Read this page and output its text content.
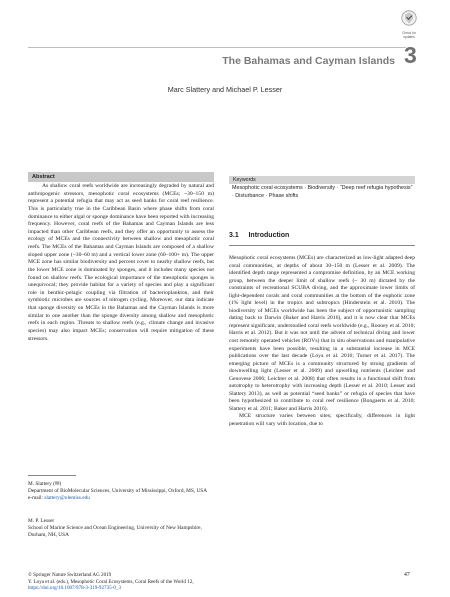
Check for
updates
The Bahamas and Cayman Islands 3
Marc Slattery and Michael P. Lesser
Abstract
As shallow coral reefs worldwide are increasingly degraded by natural and anthropogenic stressors, mesophotic coral ecosystems (MCEs; ~30–150 m) represent a potential refugia that may act as seed banks for coral reef resilience. This is particularly true in the Caribbean Basin where phase shifts from coral dominance to either algal or sponge dominance have been reported with increasing frequency. However, coral reefs of the Bahamas and Cayman Islands are less impacted than other Caribbean reefs, and they offer an opportunity to assess the ecology of MCEs and the connectivity between shallow and mesophotic coral reefs. The MCEs of the Bahamas and Cayman Islands are composed of a shallow sloped upper zone (~30–60 m) and a vertical lower zone (60–100+ m). The upper MCE zone has similar biodiversity and percent cover to nearby shallow reefs, but the lower MCE zone is dominated by sponges, and it includes many species not found on shallow reefs. The ecological importance of the mesophotic sponges is unequivocal; they provide habitat for a variety of species and play a significant role in benthic-pelagic coupling via filtration of bacterioplankton, and their symbiotic microbes are sources of nitrogen cycling. Moreover, our data indicate that sponge diversity on MCEs in the Bahamas and the Cayman Islands is more similar to one another than the sponge diversity among shallow and mesophotic reefs in each region. Threats to shallow reefs (e.g., climate change and invasive species) may also impact MCEs; conservation will require mitigation of these stressors.
Keywords
Mesophotic coral ecosystems · Biodiversity · “Deep reef refugia hypothesis” · Disturbance · Phase shifts
3.1 Introduction

Mesophotic coral ecosystems (MCEs) are characterized as low-light adapted deep coral communities, at depths of about 30–150 m (Lesser et al. 2009). The identified depth range represented a compromise definition, by an MCE working group, between the deeper limit of shallow reefs (~ 30 m) dictated by the constraints of recreational SCUBA diving, and the approximate lower limits of light-dependent corals and coral communities at the bottom of the euphotic zone (1% light level) in the tropics and subtropics (Hinderstein et al. 2010). The biodiversity of MCEs worldwide has been the subject of opportunistic sampling dating back to Darwin (Baker and Harris 2016), and it is now clear that MCEs represent significant, understudied coral reefs worldwide (e.g., Rooney et al. 2010; Harris et al. 2012). But it was not until the advent of technical diving and lower cost remotely operated vehicles (ROVs) that in situ observations and manipulative experiments have been possible, resulting in a substantial increase in MCE publications over the last decade (Loya et al. 2016; Turner et al. 2017). The emerging picture of MCEs is a community structured by strong gradients of downwelling light (Lesser et al. 2009) and upwelling nutrients (Leichter and Genovese 2006; Leichter et al. 2008) that often results in a functional shift from autotrophy to heterotrophy with increasing depth (Lesser et al. 2010; Lesser and Slattery 2013), as well as potential “seed banks” or refugia of species that have been hypothesized to contribute to coral reef resilience (Bongaerts et al. 2010; Slattery et al. 2011; Baker and Harris 2016).

MCE structure varies between sites; specifically, differences in light penetration will vary with location, due to

M. Slattery (✉)
Department of BioMolecular Sciences, University of Mississippi, Oxford, MS, USA
e-mail: slattery@olemiss.edu
M. P. Lesser
School of Marine Science and Ocean Engineering, University of New Hampshire, Durham, NH, USA
© Springer Nature Switzerland AG 2019
Y. Loya et al. (eds.), Mesophotic Coral Ecosystems, Coral Reefs of the World 12,
https://doi.org/10.1007/978-3-319-92735-0_3
47
